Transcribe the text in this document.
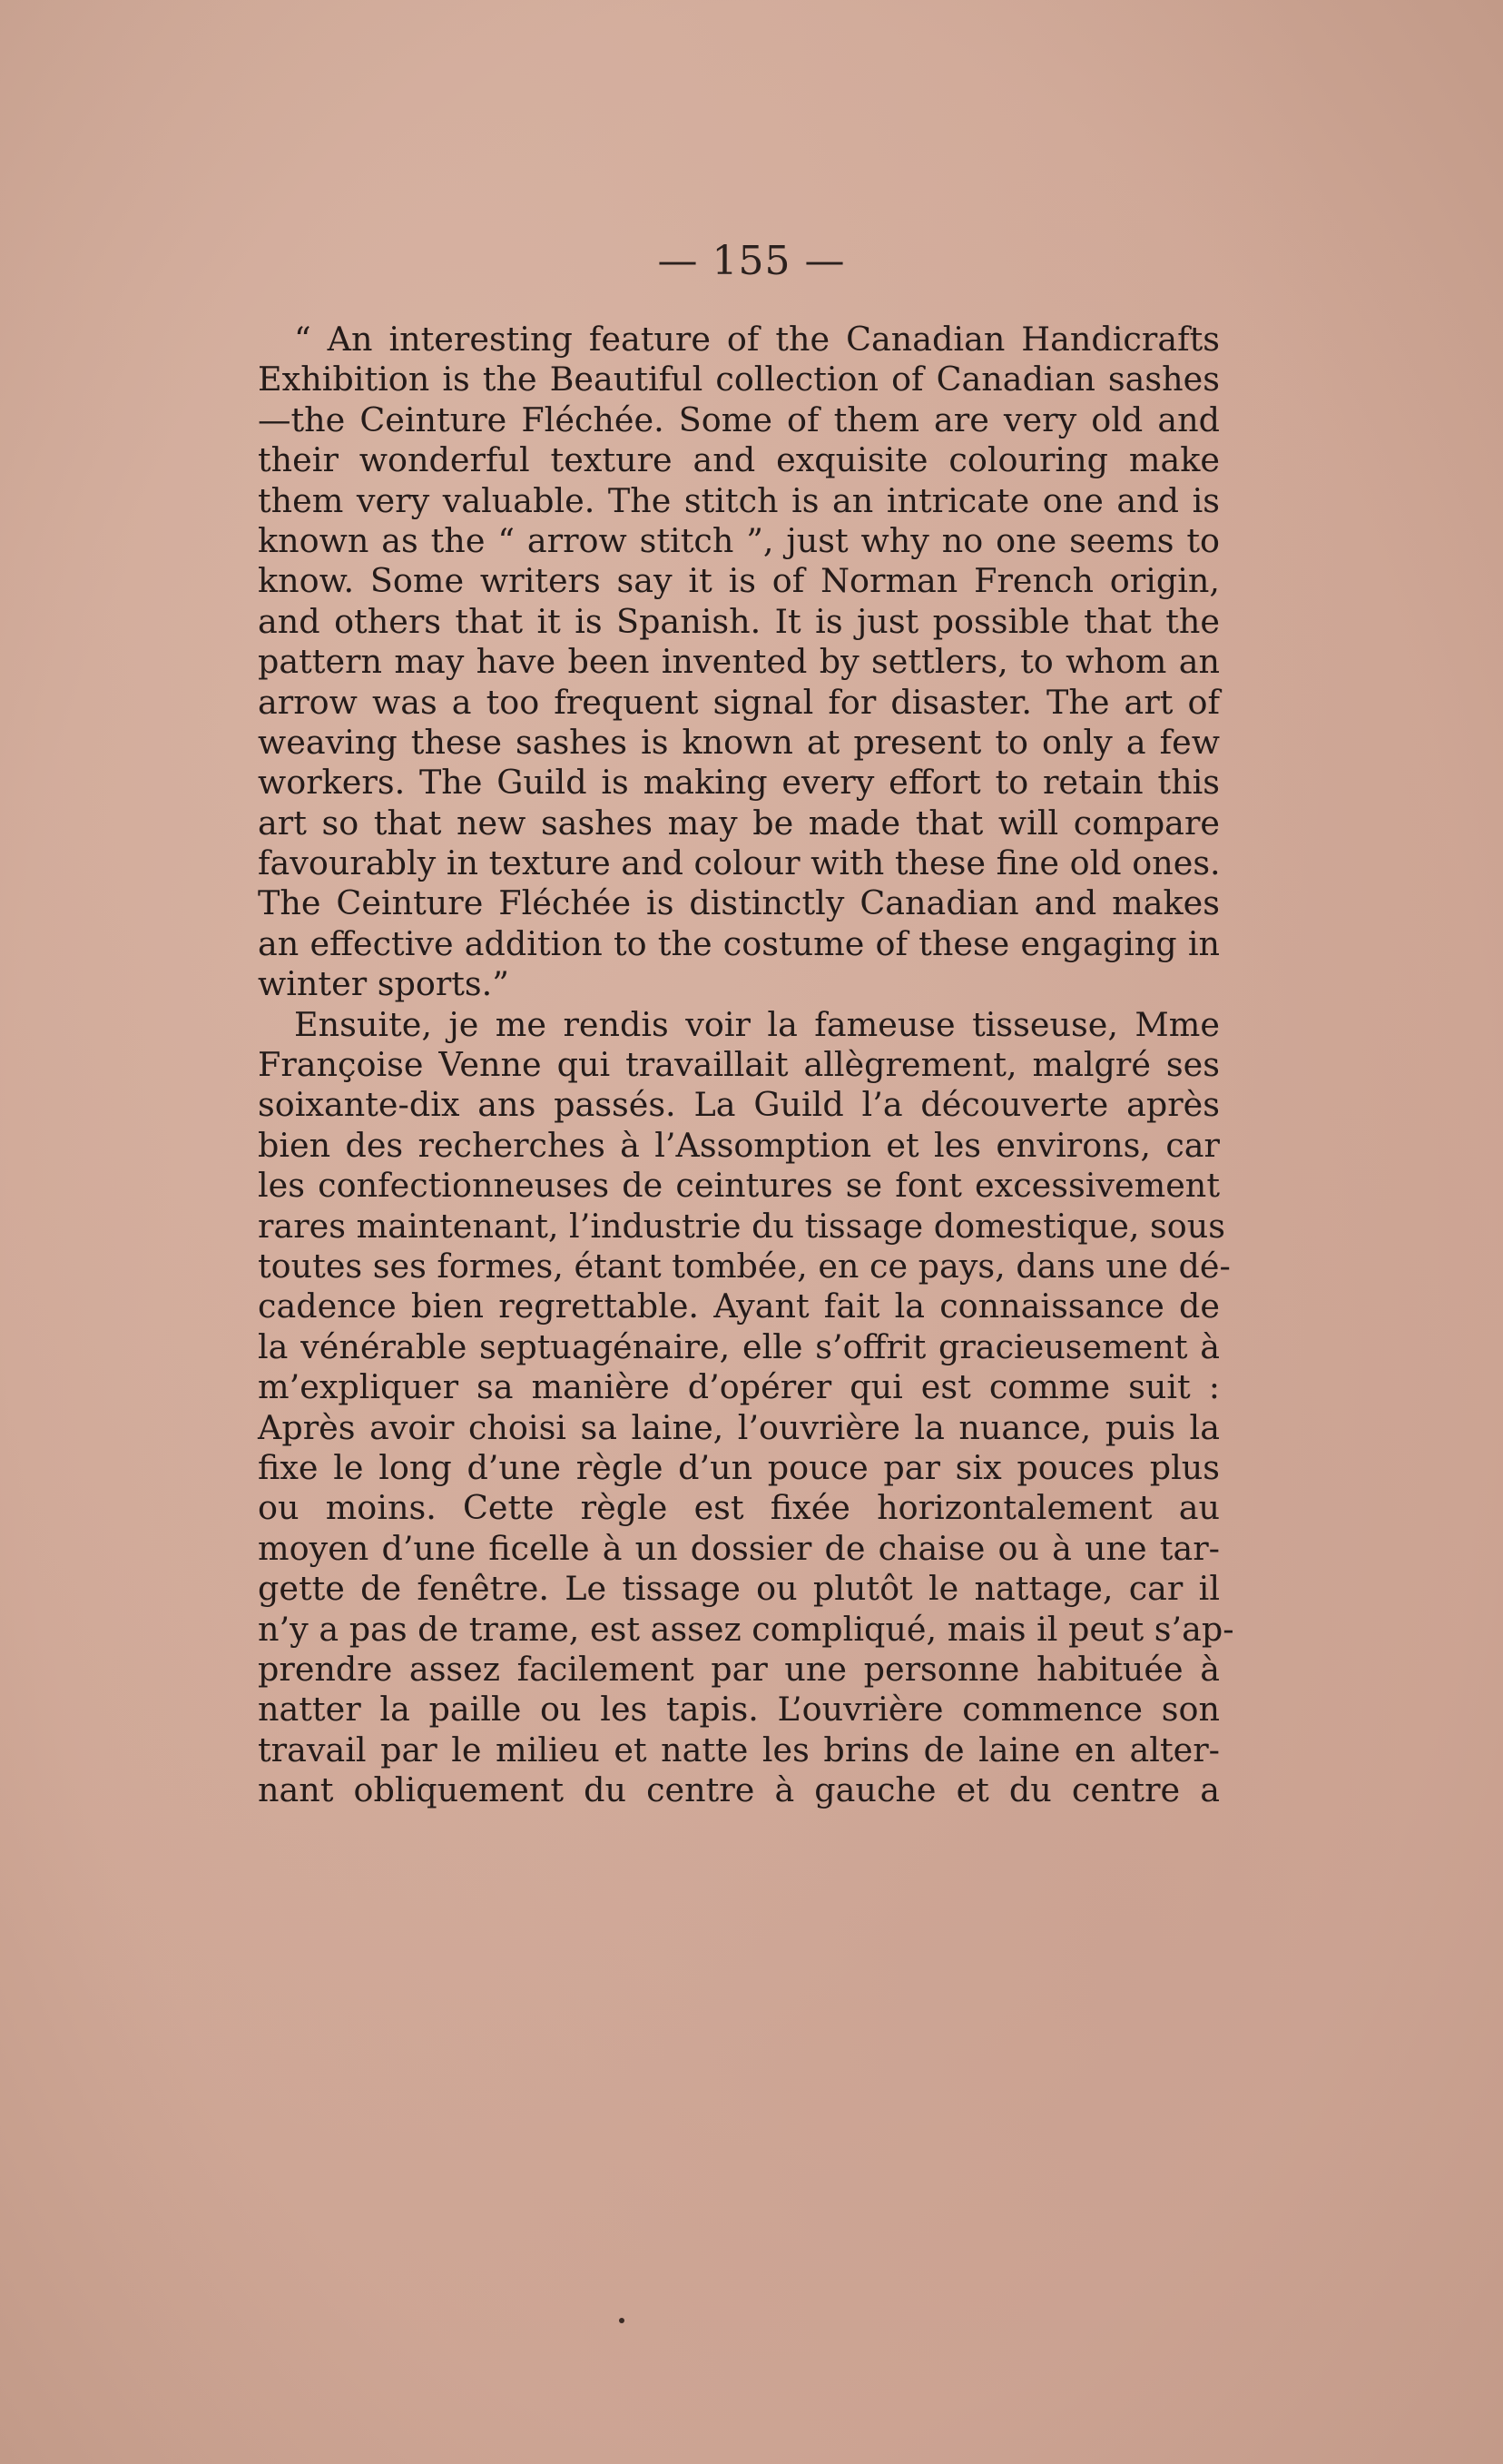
— 155 —
“ An interesting feature of the Canadian Handicrafts
Exhibition is the Beautiful collection of Canadian sashes
—the Ceinture Fléchée. Some of them are very old and
their wonderful texture and exquisite colouring make
them very valuable. The stitch is an intricate one and is
known as the “ arrow stitch ”, just why no one seems to
know. Some writers say it is of Norman French origin,
and others that it is Spanish. It is just possible that the
pattern may have been invented by settlers, to whom an
arrow was a too frequent signal for disaster. The art of
weaving these sashes is known at present to only a few
workers. The Guild is making every effort to retain this
art so that new sashes may be made that will compare
favourably in texture and colour with these fine old ones.
The Ceinture Fléchée is distinctly Canadian and makes
an effective addition to the costume of these engaging in
winter sports.”
Ensuite, je me rendis voir la fameuse tisseuse, Mme
Françoise Venne qui travaillait allègrement, malgré ses
soixante-dix ans passés. La Guild l’a découverte après
bien des recherches à l’Assomption et les environs, car
les confectionneuses de ceintures se font excessivement
rares maintenant, l’industrie du tissage domestique, sous
toutes ses formes, étant tombée, en ce pays, dans une dé-
cadence bien regrettable. Ayant fait la connaissance de
la vénérable septuagénaire, elle s’offrit gracieusement à
m’expliquer sa manière d’opérer qui est comme suit :
Après avoir choisi sa laine, l’ouvrière la nuance, puis la
fixe le long d’une règle d’un pouce par six pouces plus
ou moins. Cette règle est fixée horizontalement au
moyen d’une ficelle à un dossier de chaise ou à une tar-
gette de fenêtre. Le tissage ou plutôt le nattage, car il
n’y a pas de trame, est assez compliqué, mais il peut s’ap-
prendre assez facilement par une personne habituée à
natter la paille ou les tapis. L’ouvrière commence son
travail par le milieu et natte les brins de laine en alter-
nant obliquement du centre à gauche et du centre a
